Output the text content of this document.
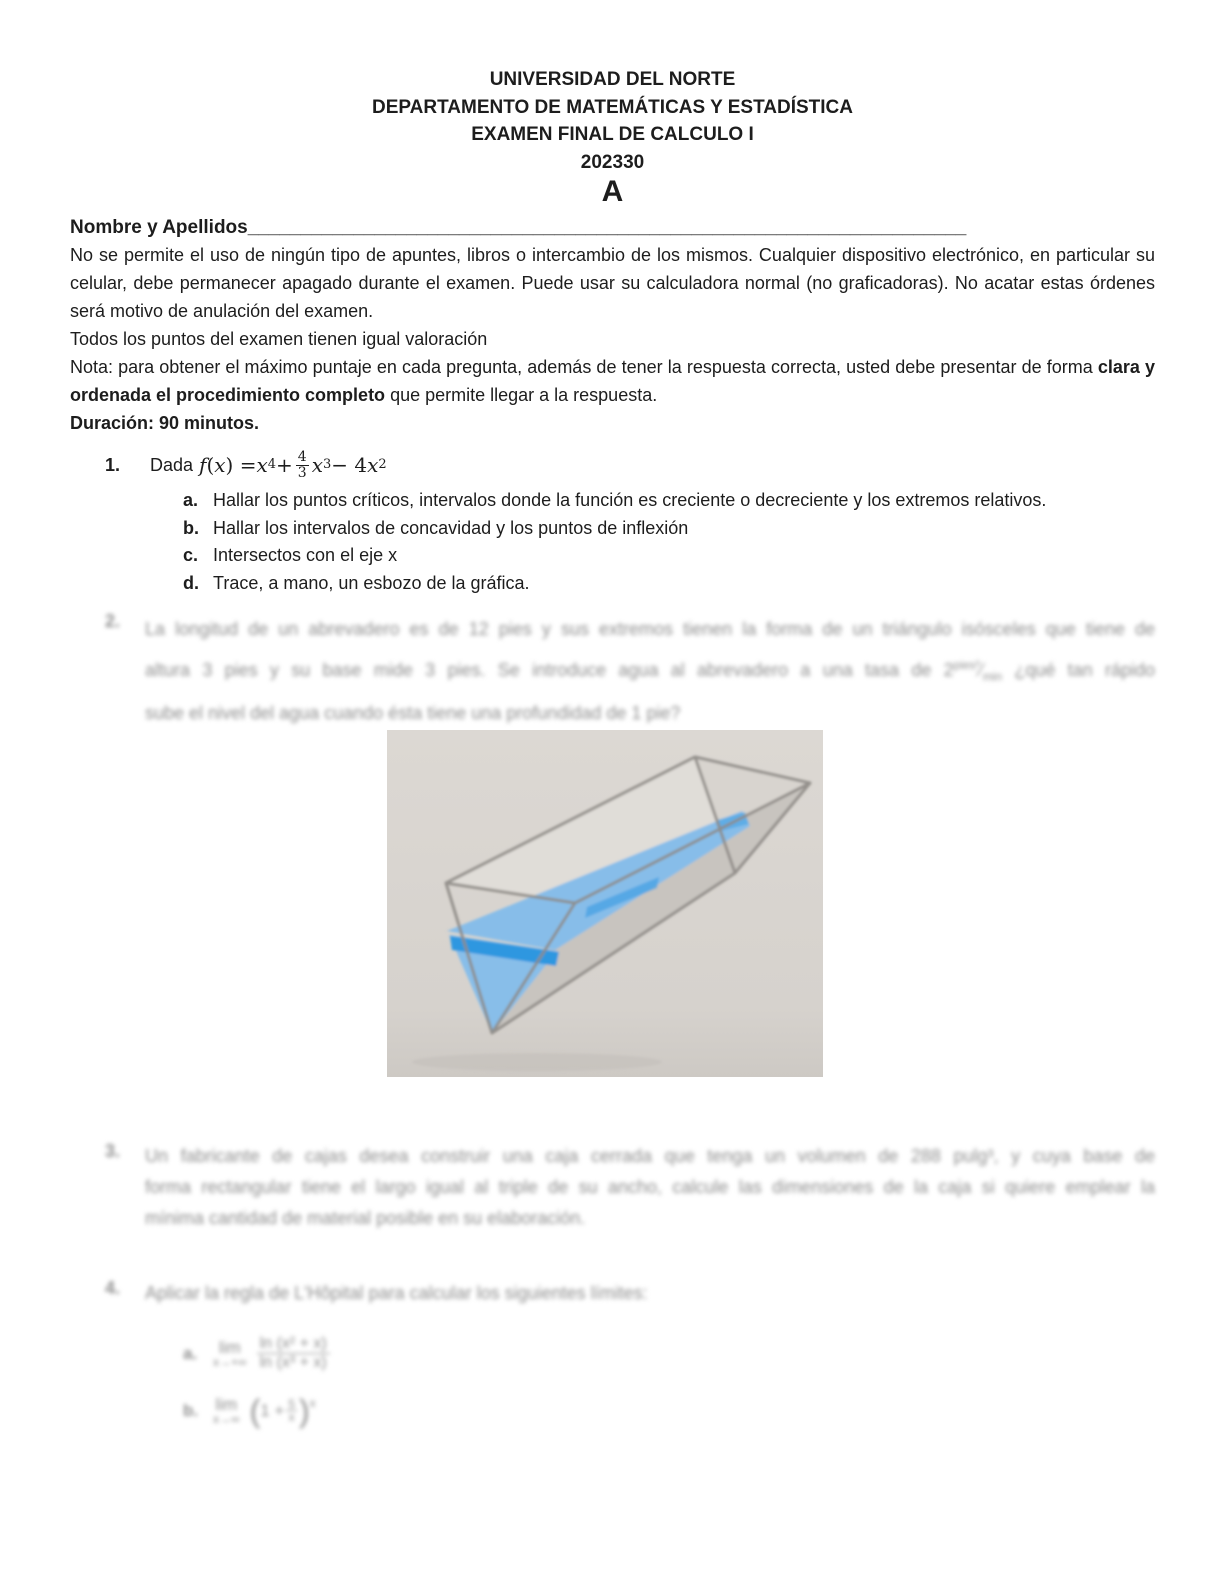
UNIVERSIDAD DEL NORTE
DEPARTAMENTO DE MATEMÁTICAS Y ESTADÍSTICA
EXAMEN FINAL DE CALCULO I
202330
A
Nombre y Apellidos____________________________________________________________________
No se permite el uso de ningún tipo de apuntes, libros o intercambio de los mismos. Cualquier dispositivo electrónico, en particular su celular, debe permanecer apagado durante el examen. Puede usar su calculadora normal (no graficadoras). No acatar estas órdenes será motivo de anulación del examen.
Todos los puntos del examen tienen igual valoración
Nota: para obtener el máximo puntaje en cada pregunta, además de tener la respuesta correcta, usted debe presentar de forma clara y ordenada el procedimiento completo que permite llegar a la respuesta.
Duración: 90 minutos.
1.	Dada f ( x ) = x $4 + \frac{4}{3}$ x 3 − 4 x 2
a. Hallar los puntos críticos, intervalos donde la función es creciente o decreciente y los extremos relativos.
b. Hallar los intervalos de concavidad y los puntos de inflexión
c. Intersectos con el eje x
d. Trace, a mano, un esbozo de la gráfica.
2.	La longitud de un abrevadero es de 12 pies y sus extremos tienen la forma de un triángulo isósceles que tiene de
altura 3 pies y su base mide 3 pies. Se introduce agua al abrevadero a una tasa de $2^{pies^3}⁄_{min}$ ¿qué tan rápido
sube el nivel del agua cuando ésta tiene una profundidad de 1 pie?
3.	Un fabricante de cajas desea construir una caja cerrada que tenga un volumen de 288 pulg³, y cuya base de
forma rectangular tiene el largo igual al triple de su ancho, calcule las dimensiones de la caja si quiere emplear la
mínima cantidad de material posible en su elaboración.
4.	Aplicar la regla de L'Hôpital para calcular los siguientes límites:
a.	lim
x→+∞
ln (x² + x)
ln (x³ + x)
b.	lim
x→∞ ( $1 + \frac{5}{x}$ ) x
